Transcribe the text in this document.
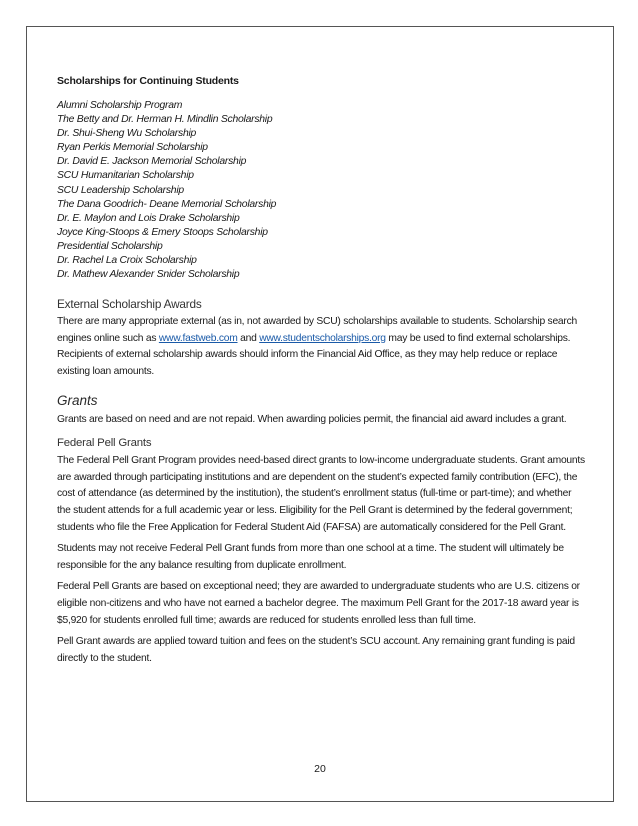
Scholarships for Continuing Students
Alumni Scholarship Program
The Betty and Dr. Herman H. Mindlin Scholarship
Dr. Shui-Sheng Wu Scholarship
Ryan Perkis Memorial Scholarship
Dr. David E. Jackson Memorial Scholarship
SCU Humanitarian Scholarship
SCU Leadership Scholarship
The Dana Goodrich- Deane Memorial Scholarship
Dr. E. Maylon and Lois Drake Scholarship
Joyce King-Stoops & Emery Stoops Scholarship
Presidential Scholarship
Dr. Rachel La Croix Scholarship
Dr. Mathew Alexander Snider Scholarship
External Scholarship Awards

There are many appropriate external (as in, not awarded by SCU) scholarships available to students. Scholarship search engines online such as www.fastweb.com and www.studentscholarships.org may be used to find external scholarships. Recipients of external scholarship awards should inform the Financial Aid Office, as they may help reduce or replace existing loan amounts.

Grants

Grants are based on need and are not repaid. When awarding policies permit, the financial aid award includes a grant.

Federal Pell Grants

The Federal Pell Grant Program provides need-based direct grants to low-income undergraduate students. Grant amounts are awarded through participating institutions and are dependent on the student’s expected family contribution (EFC), the cost of attendance (as determined by the institution), the student’s enrollment status (full-time or part-time); and whether the student attends for a full academic year or less. Eligibility for the Pell Grant is determined by the federal government; students who file the Free Application for Federal Student Aid (FAFSA) are automatically considered for the Pell Grant.

Students may not receive Federal Pell Grant funds from more than one school at a time. The student will ultimately be responsible for the any balance resulting from duplicate enrollment.

Federal Pell Grants are based on exceptional need; they are awarded to undergraduate students who are U.S. citizens or eligible non-citizens and who have not earned a bachelor degree. The maximum Pell Grant for the 2017-18 award year is $5,920 for students enrolled full time; awards are reduced for students enrolled less than full time.

Pell Grant awards are applied toward tuition and fees on the student’s SCU account. Any remaining grant funding is paid directly to the student.

20
